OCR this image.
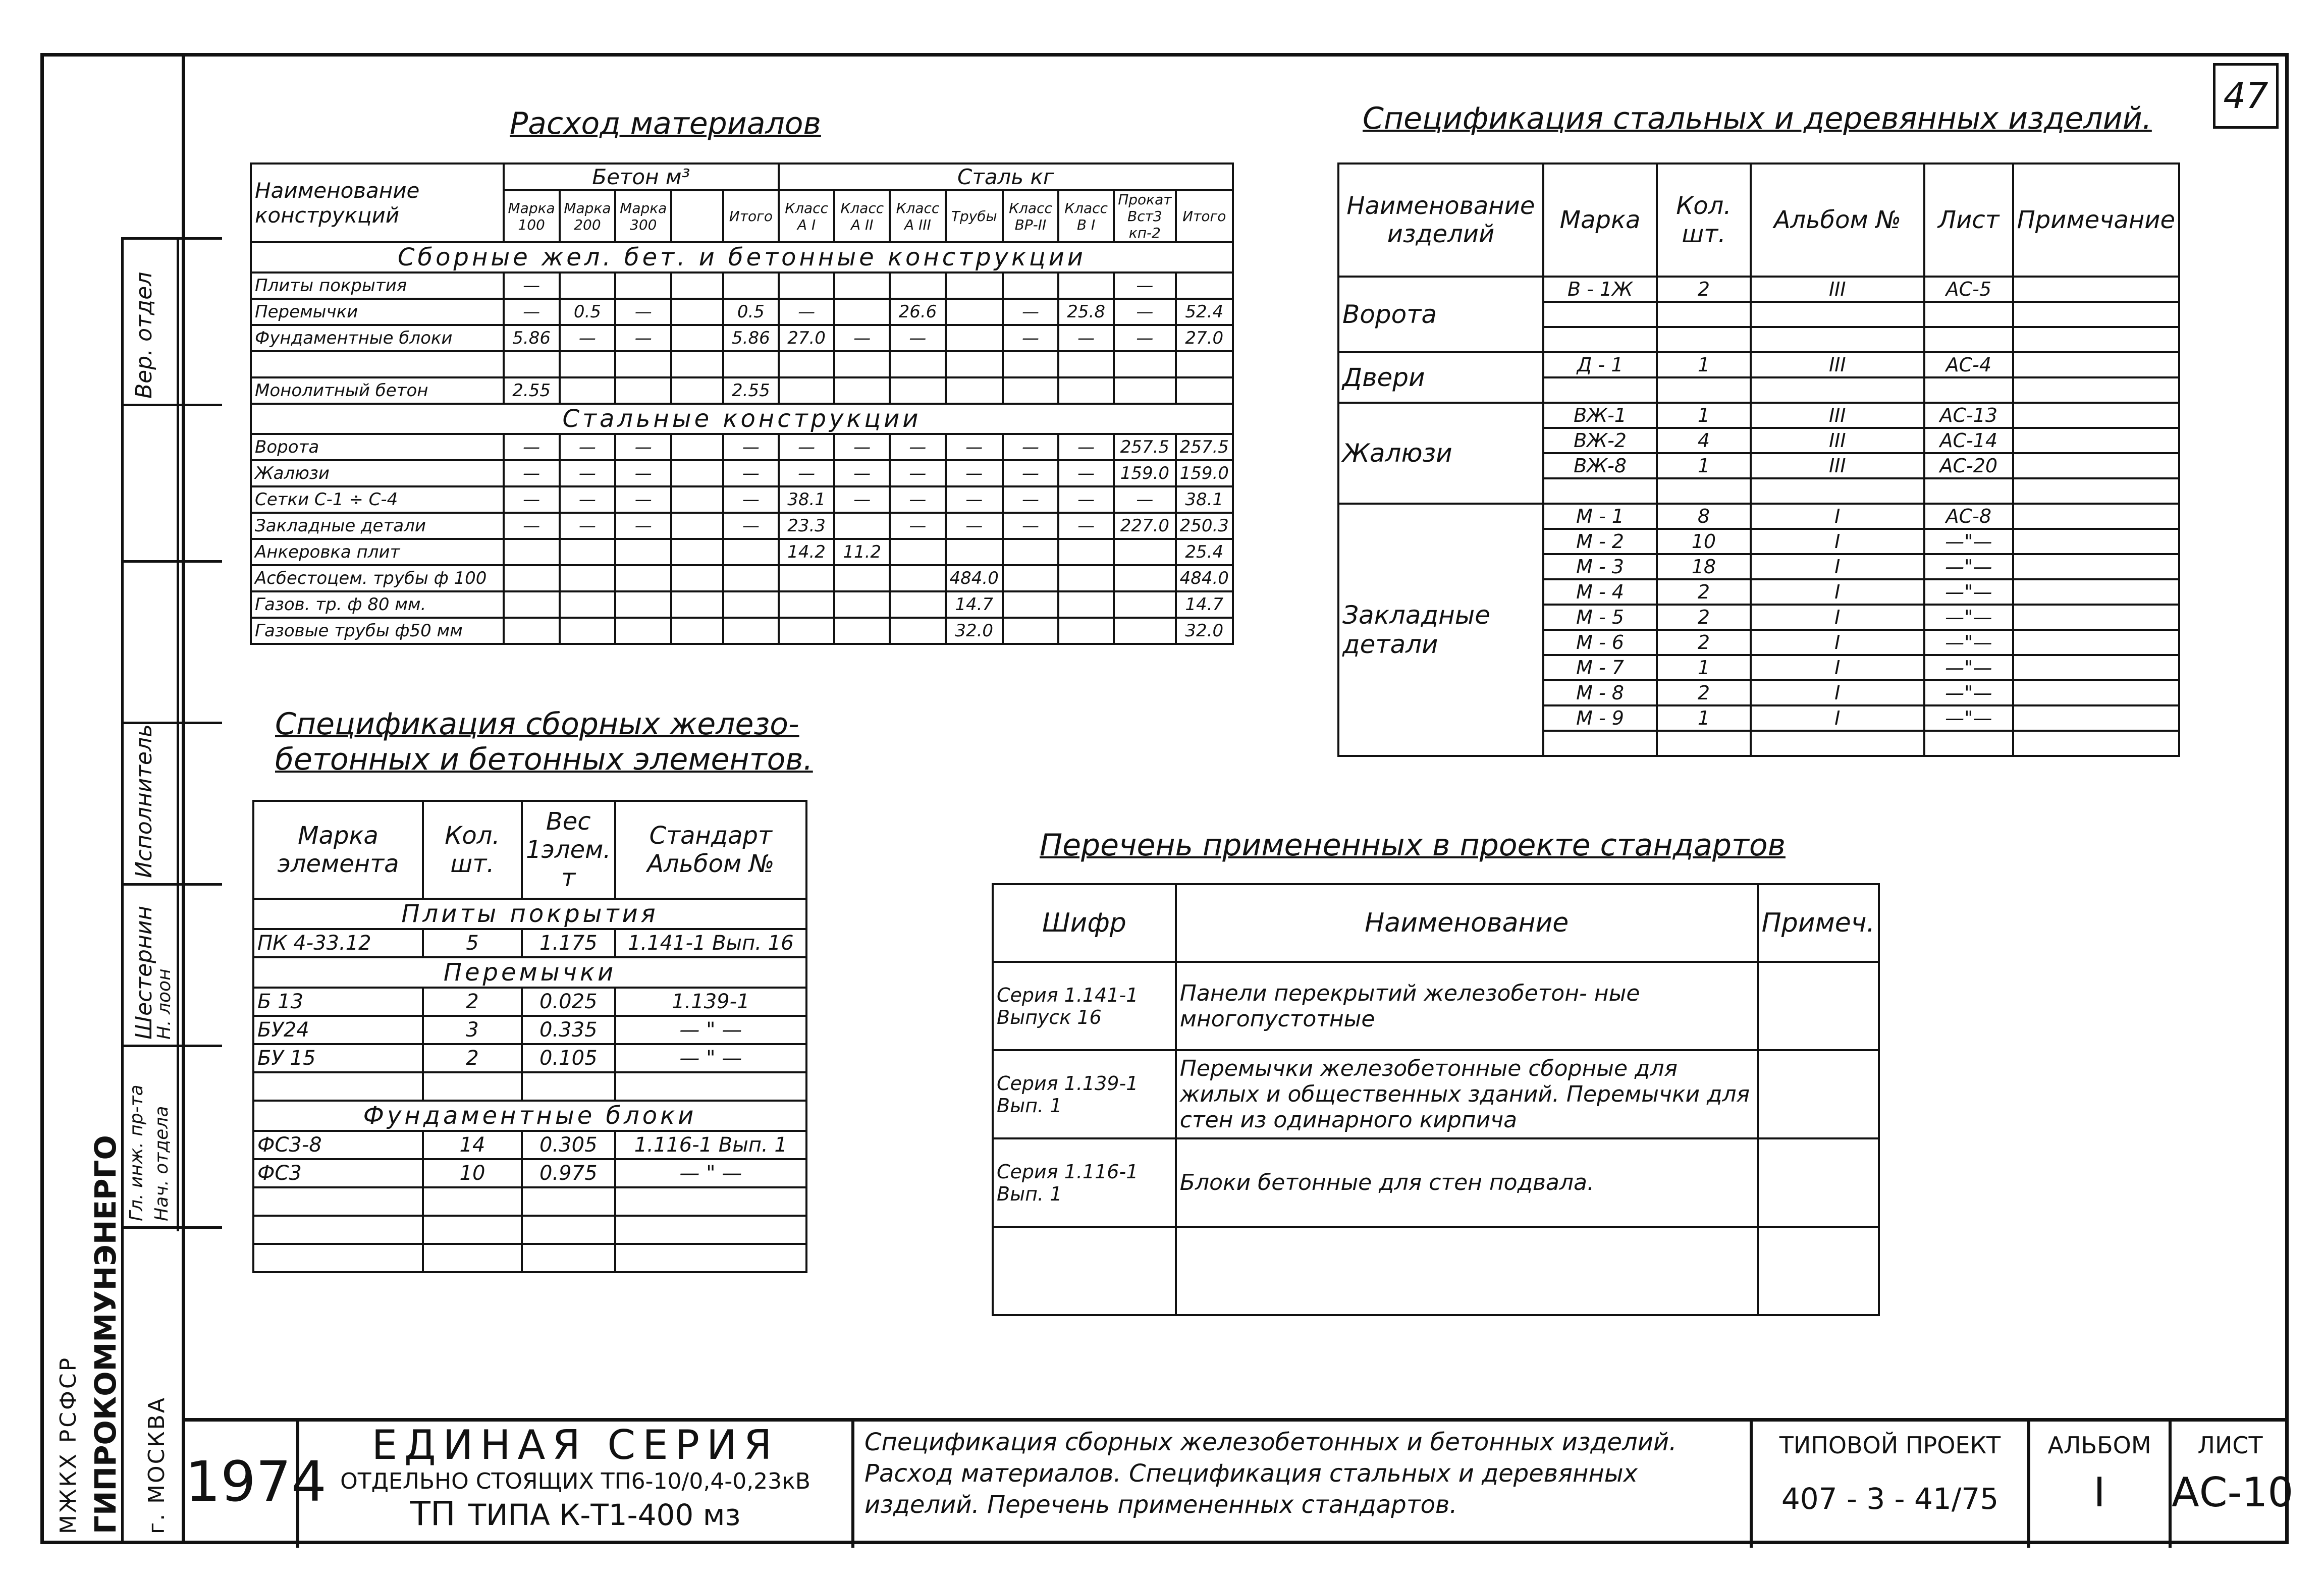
47
Гл. инж. пр-та Нач. отдела
Исполнитель
Вер. отдел
Шестернин
Н. лоон
МЖКХ РСФСР ГИПРОКОММУНЭНЕРГО г. МОСКВА
Расход материалов
Наименование конструкций	Бетон м³					Сталь кг							
	Марка 100	Марка 200	Марка 300		Итого	Класс А I	Класс А II	Класс А III	Трубы	Класс ВР-II	Класс В I	Прокат Вст3 кп-2	Итого
Сборные жел. бет. и бетонные конструкции													
Плиты покрытия	—											—	
Перемычки	—	0.5	—		0.5	—		26.6		—	25.8	—	52.4
Фундаментные блоки	5.86	—	—		5.86	27.0	—	—		—	—	—	27.0

Монолитный бетон	2.55				2.55								
Стальные конструкции													
Ворота	—	—	—		—	—	—	—	—	—	—	257.5	257.5
Жалюзи	—	—	—		—	—	—	—	—	—	—	159.0	159.0
Сетки С-1 ÷ С-4	—	—	—		—	38.1	—	—	—	—	—	—	38.1
Закладные детали	—	—	—		—	23.3		—	—	—	—	227.0	250.3
Анкеровка плит						14.2	11.2						25.4
Асбестоцем. трубы ф 100									484.0				484.0
Газов. тр. ф 80 мм.									14.7				14.7
Газовые трубы ф50 мм									32.0				32.0
Спецификация стальных и деревянных изделий.
Наименование изделий	Марка	Кол. шт.	Альбом №	Лист	Примечание
Ворота	В - 1Ж	2	III	АС-5	

Двери	Д - 1	1	III	АС-4	

Жалюзи	ВЖ-1	1	III	АС-13	
	ВЖ-2	4	III	АС-14	
	ВЖ-8	1	III	АС-20	

Закладные детали	М - 1	8	I	АС-8	
	М - 2	10	I	—"—	
	М - 3	18	I	—"—	
	М - 4	2	I	—"—	
	М - 5	2	I	—"—	
	М - 6	2	I	—"—	
	М - 7	1	I	—"—	
	М - 8	2	I	—"—	
	М - 9	1	I	—"—	

Спецификация сборных железо-
бетонных и бетонных элементов.
Марка элемента	Кол. шт.	Вес 1элем. т	Стандарт Альбом №
Плиты покрытия			
ПК 4-33.12	5	1.175	1.141-1 Вып. 16
Перемычки			
Б 13	2	0.025	1.139-1
БУ24	3	0.335	— " —
БУ 15	2	0.105	— " —

Фундаментные блоки			
ФС3-8	14	0.305	1.116-1 Вып. 1
ФС3	10	0.975	— " —

Перечень примененных в проекте стандартов
Шифр	Наименование	Примеч.
Серия 1.141-1 Выпуск 16	Панели перекрытий железобетон- ные многопустотные	
Серия 1.139-1 Вып. 1	Перемычки железобетонные сборные для жилых и общественных зданий. Перемычки для стен из одинарного кирпича	
Серия 1.116-1 Вып. 1	Блоки бетонные для стен подвала.	

1974
ЕДИНАЯ СЕРИЯ
ОТДЕЛЬНО СТОЯЩИХ ТП6-10/0,4-0,23кВ
ТП ТИПА К-Т1-400 мз
Спецификация сборных железобетонных и бетонных изделий. Расход материалов. Спецификация стальных и деревянных изделий. Перечень примененных стандартов.
ТИПОВОЙ ПРОЕКТ
407 - 3 - 41/75
АЛЬБОМ
I
ЛИСТ
АС-10
